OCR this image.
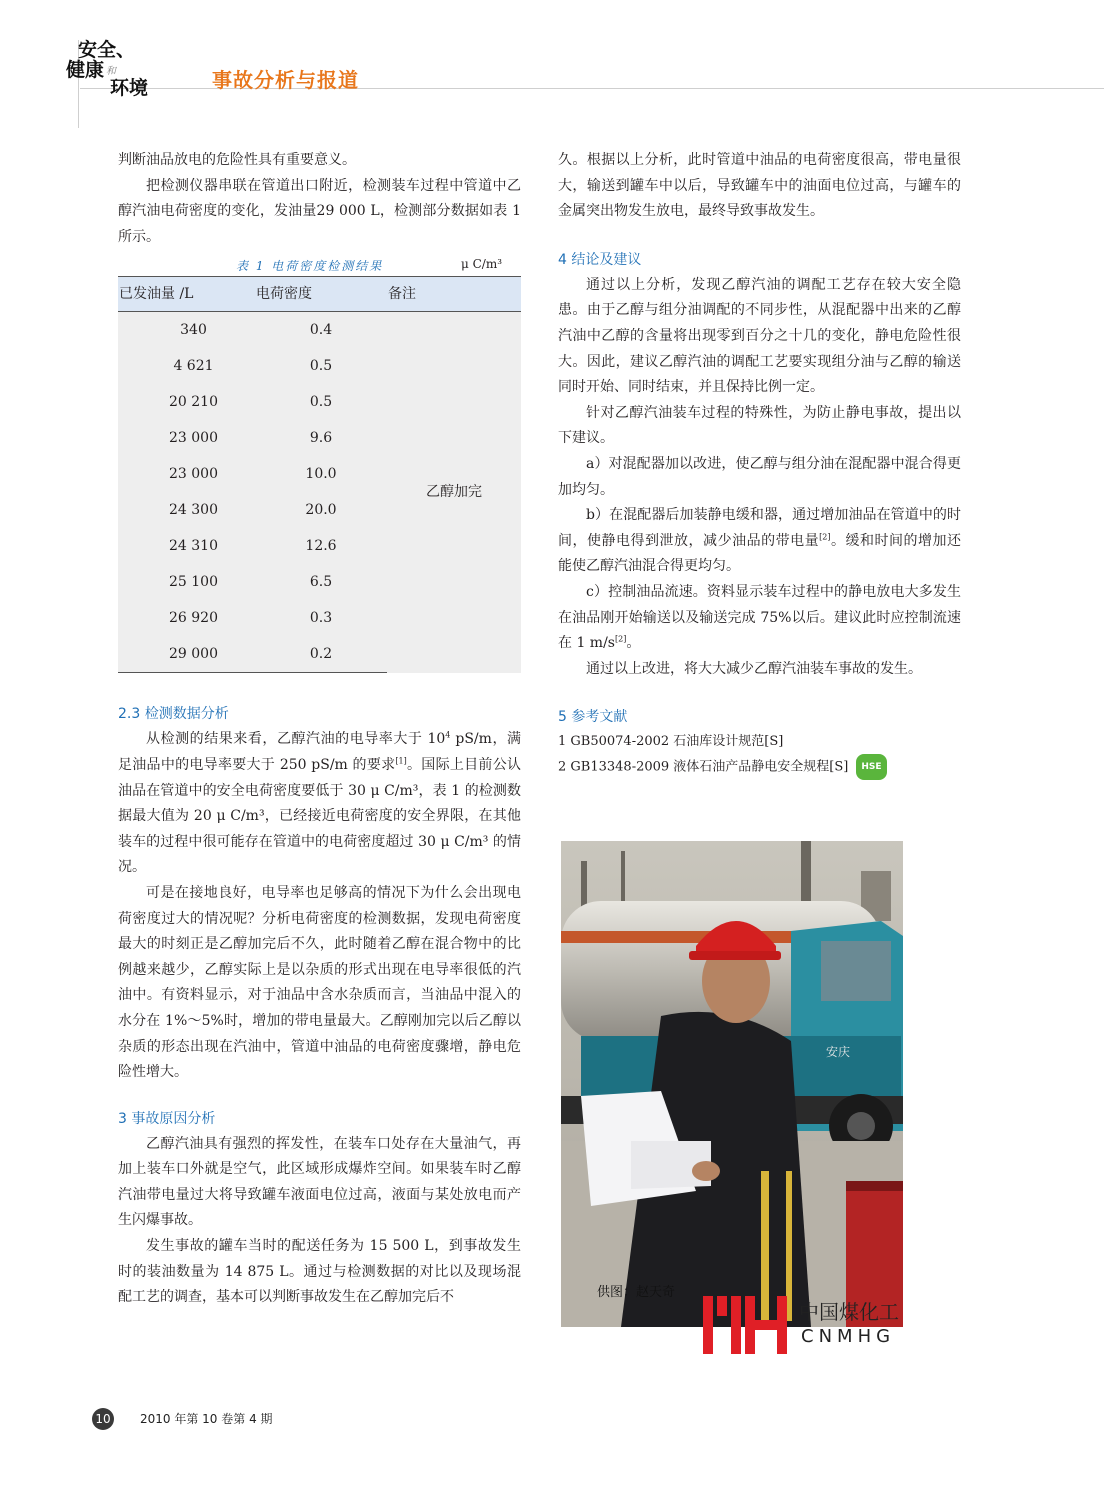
安全、
健康 和
环境	事故分析与报道

判断油品放电的危险性具有重要意义。

把检测仪器串联在管道出口附近，检测装车过程中管道中乙醇汽油电荷密度的变化，发油量29 000 L，检测部分数据如表 1 所示。

表 1 电荷密度检测结果	μ C/m³
已发油量 /L	电荷密度	备注
340	0.4	乙醇加完
4 621	0.5	
20 210	0.5	
23 000	9.6	
23 000	10.0	
24 300	20.0	
24 310	12.6	
25 100	6.5	
26 920	0.3	
29 000	0.2	

2.3 检测数据分析

从检测的结果来看，乙醇汽油的电导率大于 $10^4$ pS/m，满足油品中的电导率要大于 250 pS/m 的要求[1]。国际上目前公认油品在管道中的安全电荷密度要低于 30 μ C/m³，表 1 的检测数据最大值为 20 μ C/m³，已经接近电荷密度的安全界限，在其他装车的过程中很可能存在管道中的电荷密度超过 30 μ C/m³ 的情况。

可是在接地良好，电导率也足够高的情况下为什么会出现电荷密度过大的情况呢？分析电荷密度的检测数据，发现电荷密度最大的时刻正是乙醇加完后不久，此时随着乙醇在混合物中的比例越来越少，乙醇实际上是以杂质的形式出现在电导率很低的汽油中。有资料显示，对于油品中含水杂质而言，当油品中混入的水分在 1%～5%时，增加的带电量最大。乙醇刚加完以后乙醇以杂质的形态出现在汽油中，管道中油品的电荷密度骤增，静电危险性增大。

3 事故原因分析

乙醇汽油具有强烈的挥发性，在装车口处存在大量油气，再加上装车口外就是空气，此区域形成爆炸空间。如果装车时乙醇汽油带电量过大将导致罐车液面电位过高，液面与某处放电而产生闪爆事故。

发生事故的罐车当时的配送任务为 15 500 L，到事故发生时的装油数量为 14 875 L。通过与检测数据的对比以及现场混配工艺的调查，基本可以判断事故发生在乙醇加完后不

久。根据以上分析，此时管道中油品的电荷密度很高，带电量很大，输送到罐车中以后，导致罐车中的油面电位过高，与罐车的金属突出物发生放电，最终导致事故发生。

4 结论及建议

通过以上分析，发现乙醇汽油的调配工艺存在较大安全隐患。由于乙醇与组分油调配的不同步性，从混配器中出来的乙醇汽油中乙醇的含量将出现零到百分之十几的变化，静电危险性很大。因此，建议乙醇汽油的调配工艺要实现组分油与乙醇的输送同时开始、同时结束，并且保持比例一定。

针对乙醇汽油装车过程的特殊性，为防止静电事故，提出以下建议。

a）对混配器加以改进，使乙醇与组分油在混配器中混合得更加均匀。

b）在混配器后加装静电缓和器，通过增加油品在管道中的时间，使静电得到泄放，减少油品的带电量[2]。缓和时间的增加还能使乙醇汽油混合得更均匀。

c）控制油品流速。资料显示装车过程中的静电放电大多发生在油品刚开始输送以及输送完成 75%以后。建议此时应控制流速在 1 m/s[2]。

通过以上改进，将大大减少乙醇汽油装车事故的发生。

5 参考文献

1 GB50074-2002 石油库设计规范[S]

2 GB13348-2009 液体石油产品静电安全规程[S] HSE

安庆
供图：赵天奇
中国煤化工
CNMHG
10 2010 年第 10 卷第 4 期
